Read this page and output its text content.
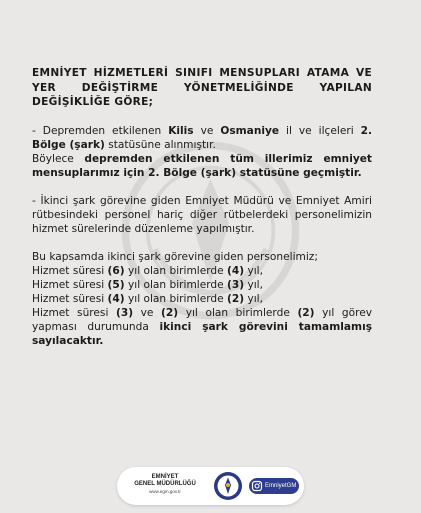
EMNİYET HİZMETLERİ SINIFI MENSUPLARI ATAMA VE YER DEĞİŞTİRME YÖNETMELİĞİNDE YAPILAN DEĞİŞİKLİĞE GÖRE;

- Depremden etkilenen Kilis ve Osmaniye il ve ilçeleri 2. Bölge (şark) statüsüne alınmıştır.
Böylece depremden etkilenen tüm illerimiz emniyet mensuplarımız için 2. Bölge (şark) statüsüne geçmiştir.

- İkinci şark görevine giden Emniyet Müdürü ve Emniyet Amiri rütbesindeki personel hariç diğer rütbelerdeki personelimizin hizmet sürelerinde düzenleme yapılmıştır.

Bu kapsamda ikinci şark görevine giden personelimiz;
Hizmet süresi (6) yıl olan birimlerde (4) yıl,
Hizmet süresi (5) yıl olan birimlerde (3) yıl,
Hizmet süresi (4) yıl olan birimlerde (2) yıl,
Hizmet süresi (3) ve (2) yıl olan birimlerde (2) yıl görev yapması durumunda ikinci şark görevini tamamlamış sayılacaktır.
EMNİYET
GENEL MÜDÜRLÜĞÜ
www.egm.gov.tr
EmniyetGM
